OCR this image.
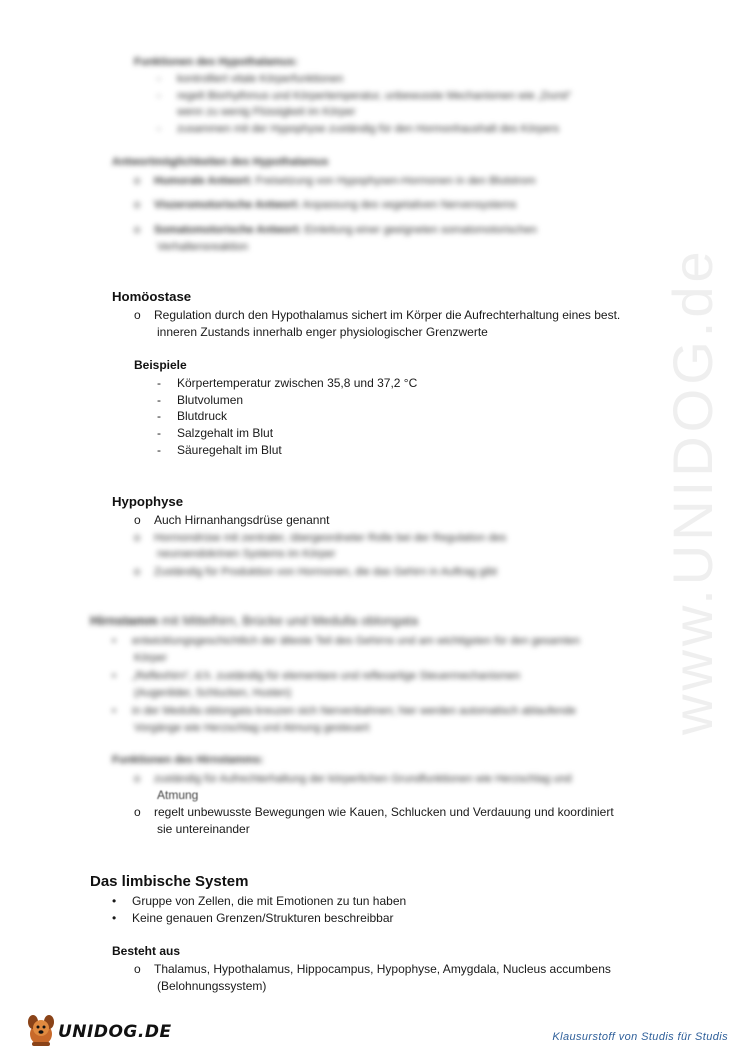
www.UNIDOG.de
Funktionen des Hypothalamus:
- kontrolliert vitale Körperfunktionen
- regelt Biorhythmus und Körpertemperatur, unbewusste Mechanismen wie „Durst“
wenn zu wenig Flüssigkeit im Körper
- zusammen mit der Hypophyse zuständig für den Hormonhaushalt des Körpers
Antwortmöglichkeiten des Hypothalamus
o Humorale Antwort: Freisetzung von Hypophysen-Hormonen in den Blutstrom
o Viszeromotorische Antwort: Anpassung des vegetativen Nervensystems
o Somatomotorische Antwort: Einleitung einer geeigneten somatomotorischen
Verhaltensreaktion
Homöostase
o Regulation durch den Hypothalamus sichert im Körper die Aufrechterhaltung eines best.
inneren Zustands innerhalb enger physiologischer Grenzwerte
Beispiele
- Körpertemperatur zwischen 35,8 und 37,2 °C
- Blutvolumen
- Blutdruck
- Salzgehalt im Blut
- Säuregehalt im Blut
Hypophyse
o Auch Hirnanhangsdrüse genannt
o Hormondrüse mit zentraler, übergeordneter Rolle bei der Regulation des
neuroendokrinen Systems im Körper
o Zuständig für Produktion von Hormonen, die das Gehirn in Auftrag gibt
Hirnstamm mit Mittelhirn, Brücke und Medulla oblongata
• entwicklungsgeschichtlich der älteste Teil des Gehirns und am wichtigsten für den gesamten
Körper
• „Reflexhirn“, d.h. zuständig für elementare und reflexartige Steuermechanismen
(Augenlider, Schlucken, Husten)
• in der Medulla oblongata kreuzen sich Nervenbahnen; hier werden automatisch ablaufende
Vorgänge wie Herzschlag und Atmung gesteuert
Funktionen des Hirnstamms:
o zuständig für Aufrechterhaltung der körperlichen Grundfunktionen wie Herzschlag und
Atmung
o regelt unbewusste Bewegungen wie Kauen, Schlucken und Verdauung und koordiniert
sie untereinander
Das limbische System
• Gruppe von Zellen, die mit Emotionen zu tun haben
• Keine genauen Grenzen/Strukturen beschreibbar
Besteht aus
o Thalamus, Hypothalamus, Hippocampus, Hypophyse, Amygdala, Nucleus accumbens
(Belohnungssystem)
UNIDOG.DE	Klausurstoff von Studis für Studis
